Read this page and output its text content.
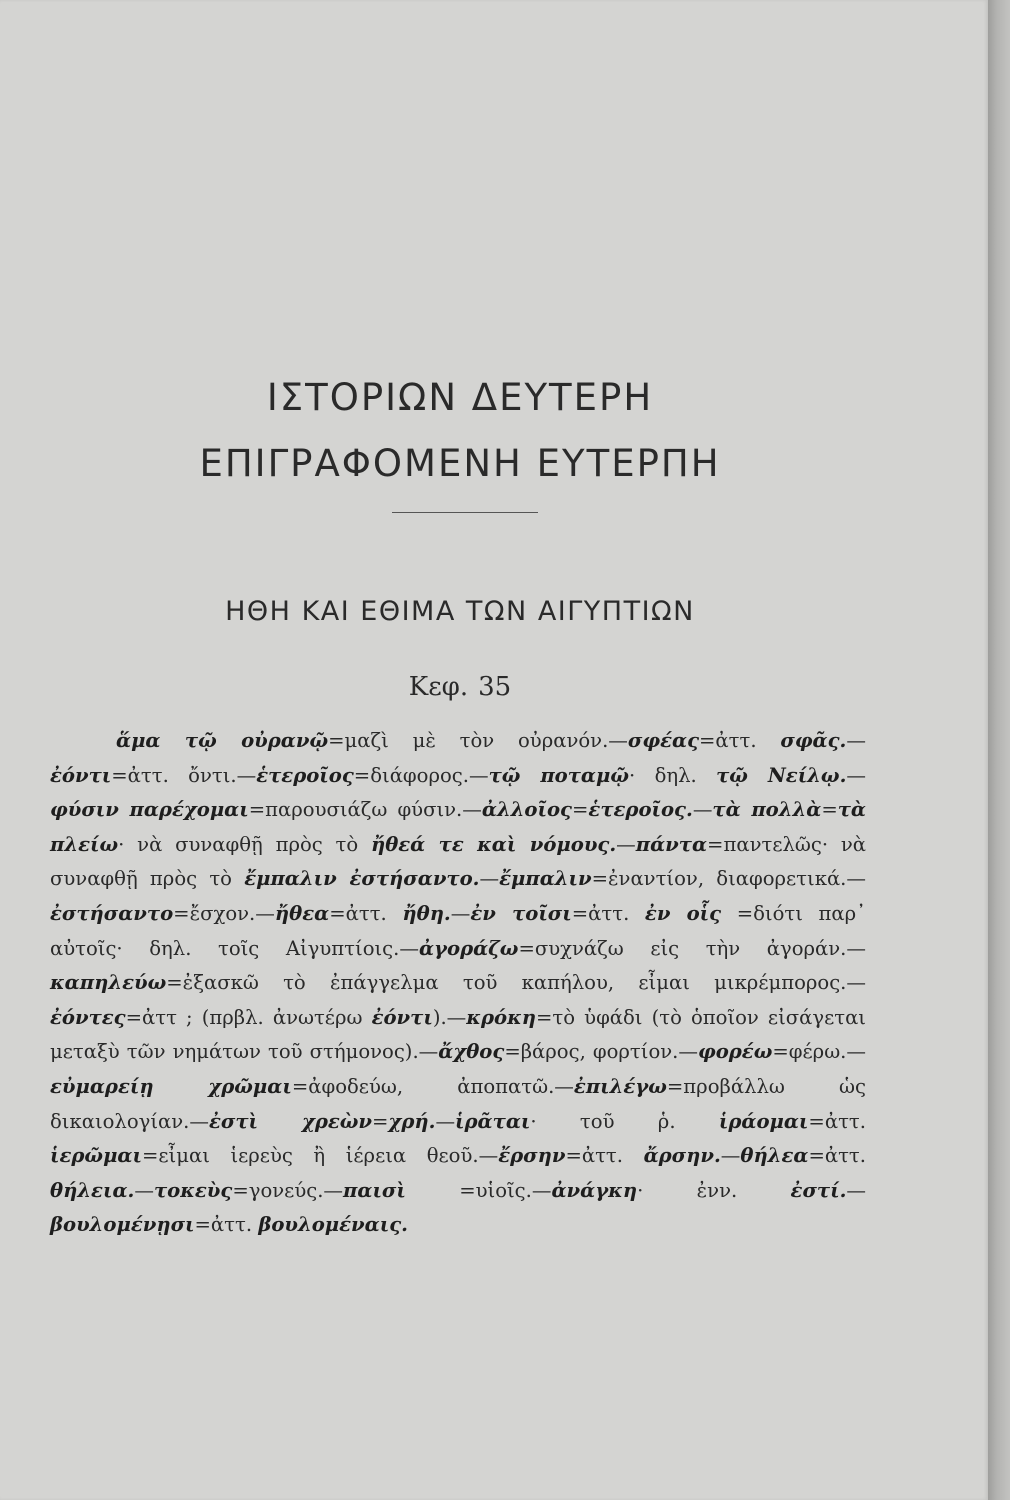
ΙΣΤΟΡΙΩΝ ΔΕΥΤΕΡΗ
ΕΠΙΓΡΑΦΟΜΕΝΗ ΕΥΤΕΡΠΗ
ΗΘΗ ΚΑΙ ΕΘΙΜΑ ΤΩΝ ΑΙΓΥΠΤΙΩΝ
Κεφ. 35

ἅμα τῷ οὐρανῷ=μαζὶ μὲ τὸν οὐρανόν.—σφέας=ἀττ. σφᾶς.—ἐόντι=ἀττ. ὄντι.—ἑτεροῖος=διάφορος.—τῷ ποταμῷ· δηλ. τῷ Νείλῳ.—φύσιν παρέχομαι=παρουσιάζω φύσιν.—ἀλλοῖος=ἑτεροῖος.—τὰ πολλὰ=τὰ πλείω· νὰ συναφθῇ πρὸς τὸ ἤθεά τε καὶ νόμους.—πάντα=παντελῶς· νὰ συναφθῇ πρὸς τὸ ἔμπαλιν ἐστήσαντο.—ἔμπαλιν=ἐναντίον, διαφορετικά.—ἐστήσαντο=ἔσχον.—ἤθεα=ἀττ. ἤθη.—ἐν τοῖσι=ἀττ. ἐν οἷς =διότι παρ᾿ αὐτοῖς· δηλ. τοῖς Αἰγυπτίοις.—ἀγοράζω=συχνάζω εἰς τὴν ἀγοράν.—καπηλεύω=ἐξασκῶ τὸ ἐπάγγελμα τοῦ καπήλου, εἶμαι μικρέμπορος.—ἐόντες=ἀττ ; (πρβλ. ἀνωτέρω ἐόντι).—κρόκη=τὸ ὑφάδι (τὸ ὁποῖον εἰσάγεται μεταξὺ τῶν νημάτων τοῦ στήμονος).—ἄχθος=βάρος, φορτίον.—φορέω=φέρω.—εὐμαρείῃ χρῶμαι=ἀφοδεύω, ἀποπατῶ.—ἐπιλέγω=προβάλλω ὡς δικαιολογίαν.—ἐστὶ χρεὼν=χρή.—ἱρᾶται· τοῦ ῥ. ἱράομαι=ἀττ. ἱερῶμαι=εἶμαι ἱερεὺς ἢ ἱέρεια θεοῦ.—ἔρσην=ἀττ. ἄρσην.—θήλεα=ἀττ. θήλεια.—τοκεὺς=γονεύς.—παισὶ =υἱοῖς.—ἀνάγκη· ἐνν. ἐστί.—βουλομένῃσι=ἀττ. βουλομέναις.
